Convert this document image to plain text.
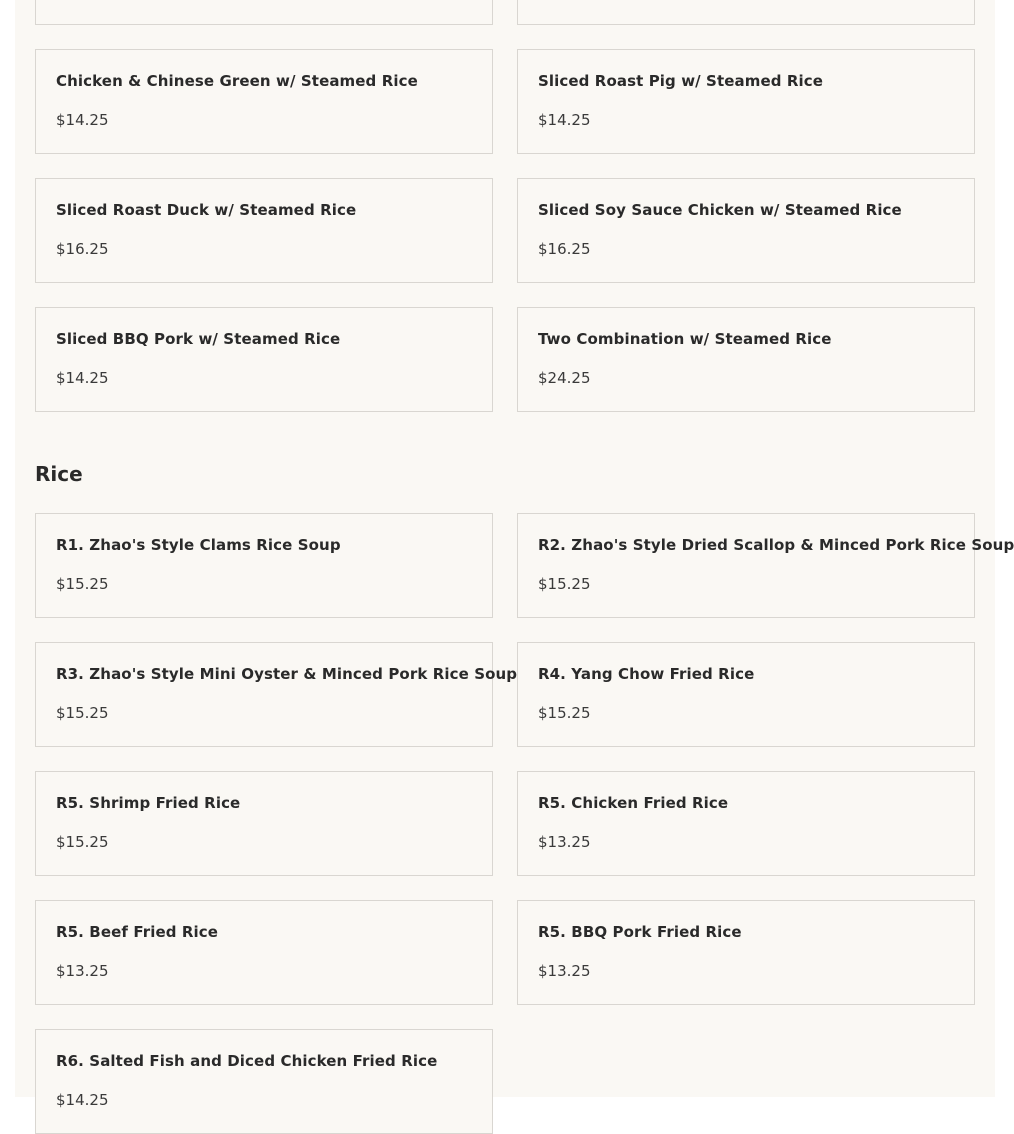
Chicken & Chinese Green w/ Steamed Rice
$14.25
Sliced Roast Pig w/ Steamed Rice
$14.25
Sliced Roast Duck w/ Steamed Rice
$16.25
Sliced Soy Sauce Chicken w/ Steamed Rice
$16.25
Sliced BBQ Pork w/ Steamed Rice
$14.25
Two Combination w/ Steamed Rice
$24.25
Rice
R1. Zhao's Style Clams Rice Soup
$15.25
R2. Zhao's Style Dried Scallop & Minced Pork Rice Soup
$15.25
R3. Zhao's Style Mini Oyster & Minced Pork Rice Soup
$15.25
R4. Yang Chow Fried Rice
$15.25
R5. Shrimp Fried Rice
$15.25
R5. Chicken Fried Rice
$13.25
R5. Beef Fried Rice
$13.25
R5. BBQ Pork Fried Rice
$13.25
R6. Salted Fish and Diced Chicken Fried Rice
$14.25
